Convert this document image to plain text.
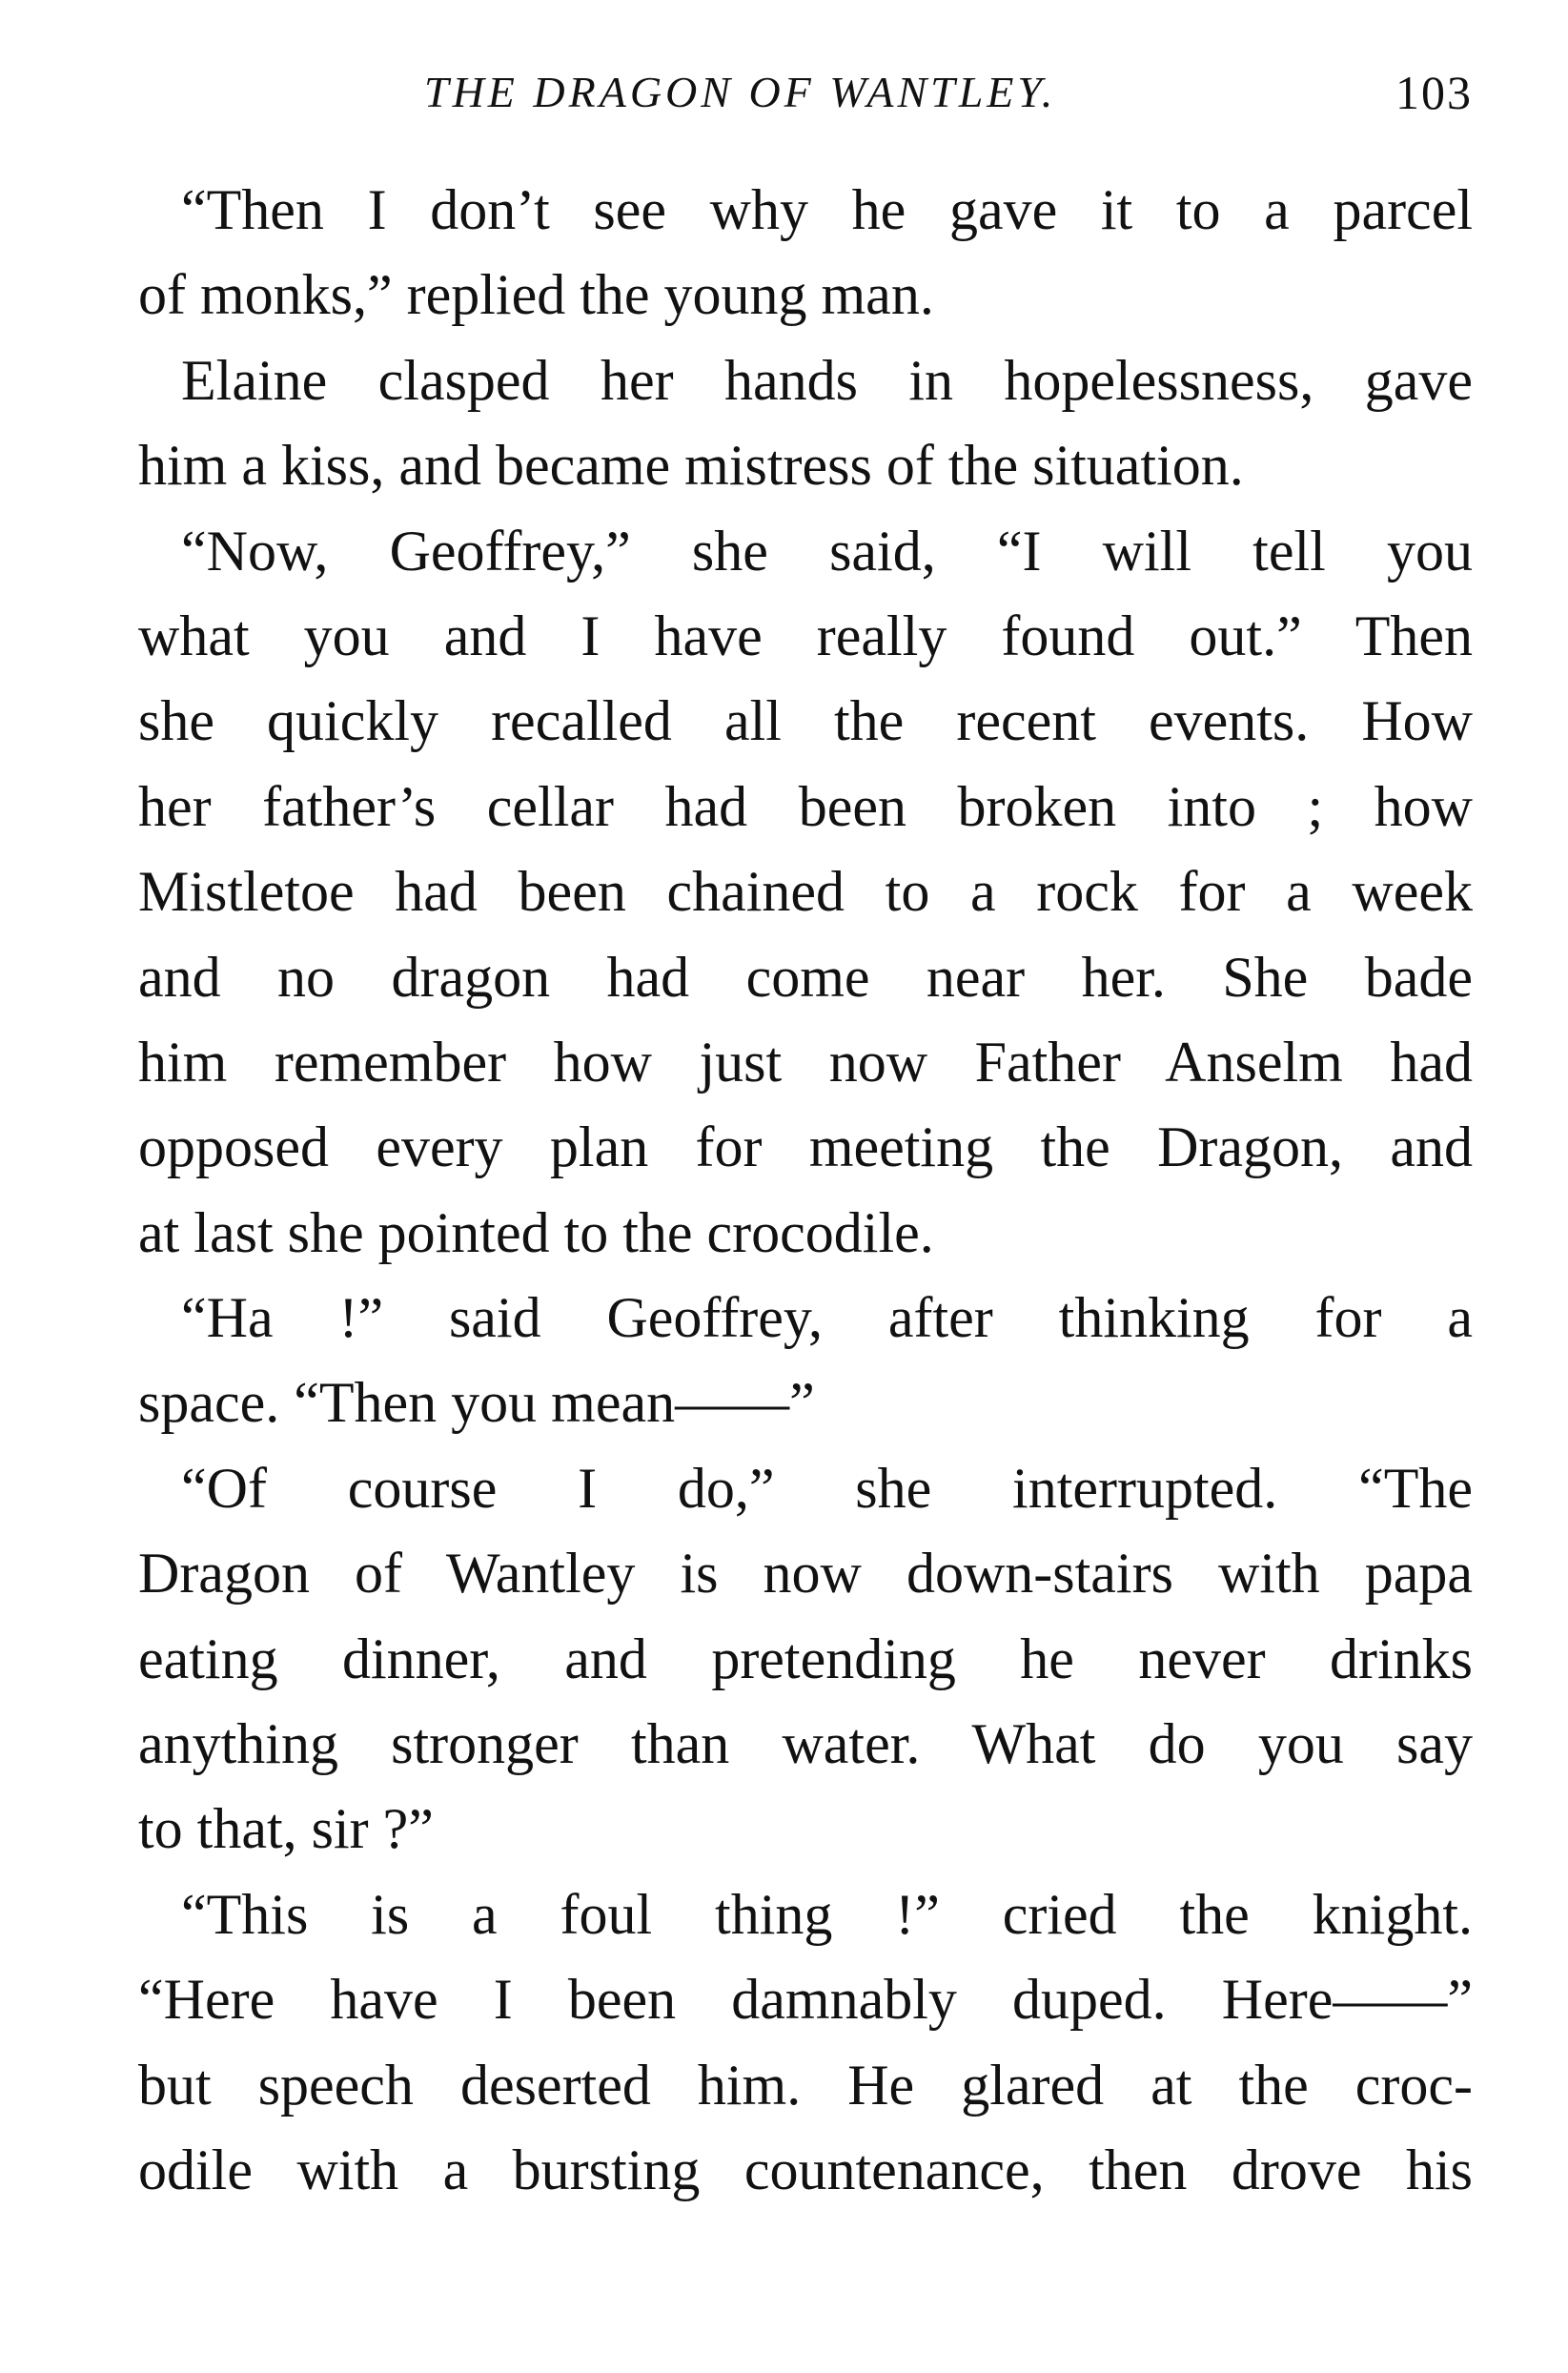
THE DRAGON OF WANTLEY.	103
“Then I don’t see why he gave it to a parcel
of monks,” replied the young man.
Elaine clasped her hands in hopelessness, gave
him a kiss, and became mistress of the situation.
“Now, Geoffrey,” she said, “I will tell you
what you and I have really found out.” Then
she quickly recalled all the recent events. How
her father’s cellar had been broken into ; how
Mistletoe had been chained to a rock for a week
and no dragon had come near her. She bade
him remember how just now Father Anselm had
opposed every plan for meeting the Dragon, and
at last she pointed to the crocodile.
“Ha !” said Geoffrey, after thinking for a
space. “Then you mean——”
“Of course I do,” she interrupted. “The
Dragon of Wantley is now down-stairs with papa
eating dinner, and pretending he never drinks
anything stronger than water. What do you say
to that, sir ?”
“This is a foul thing !” cried the knight.
“Here have I been damnably duped. Here——”
but speech deserted him. He glared at the croc-
odile with a bursting countenance, then drove his
